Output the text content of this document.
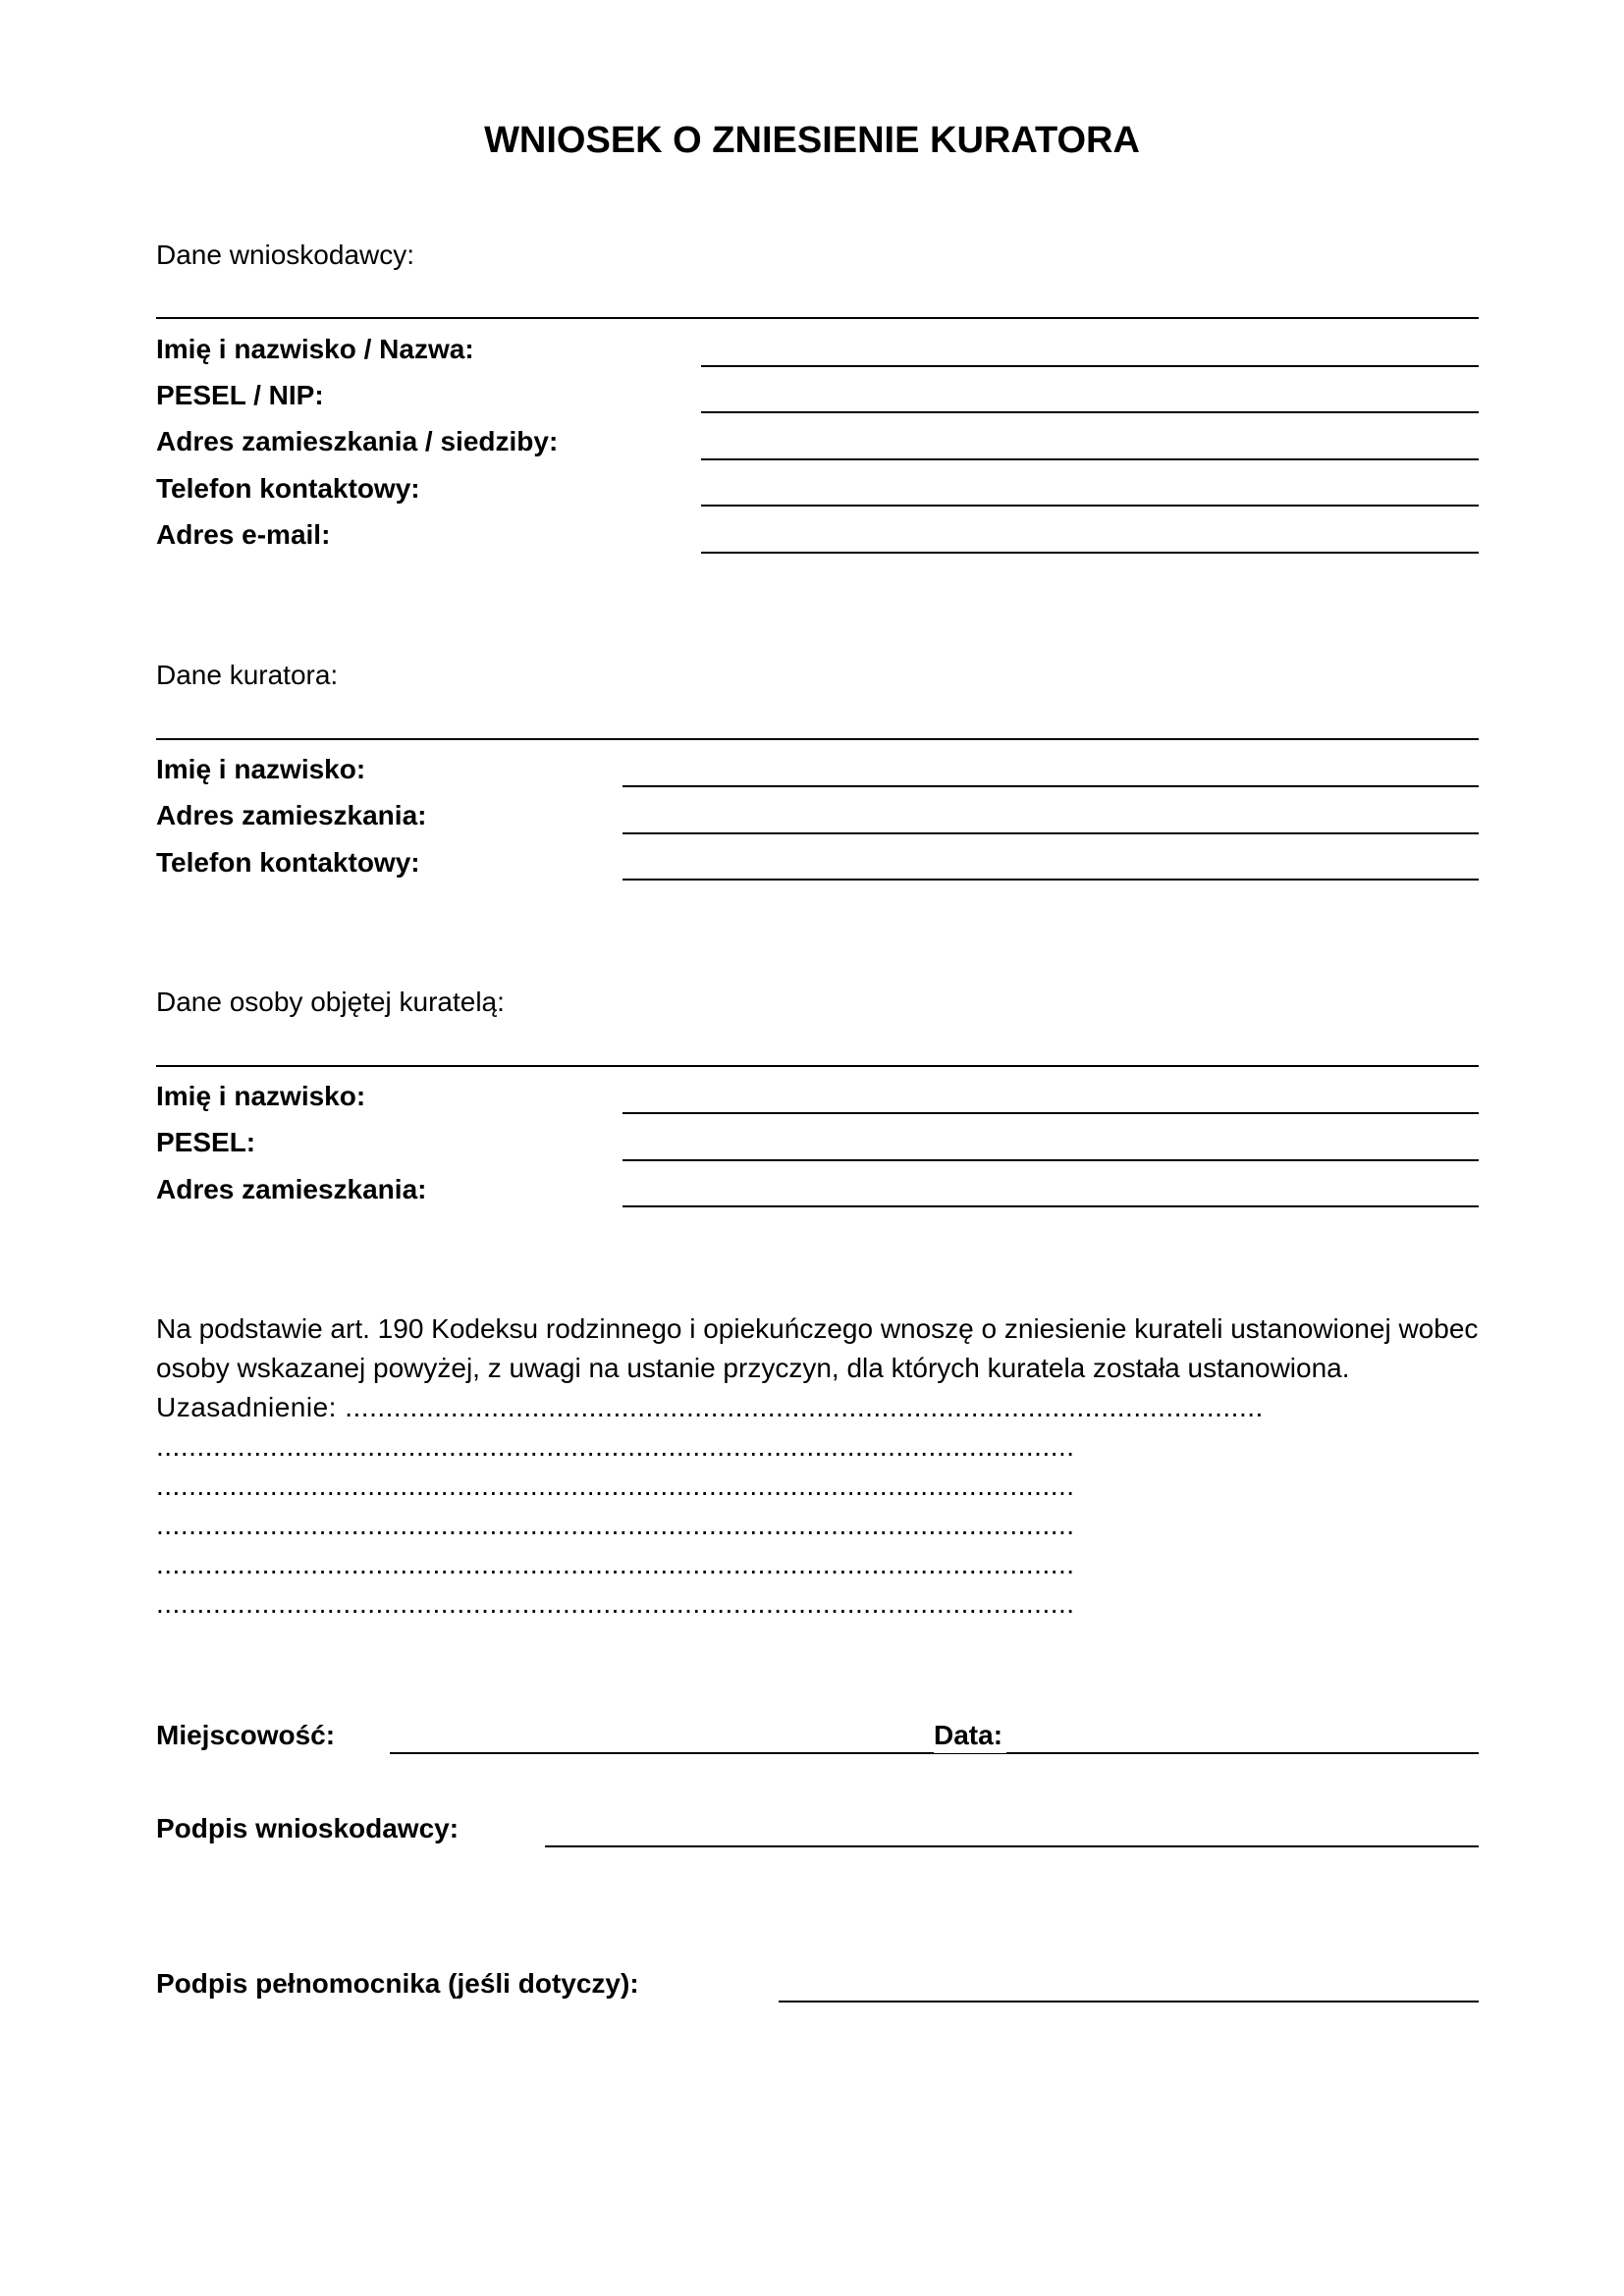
WNIOSEK O ZNIESIENIE KURATORA
Dane wnioskodawcy:
Imię i nazwisko / Nazwa:
PESEL / NIP:
Adres zamieszkania / siedziby:
Telefon kontaktowy:
Adres e-mail:
Dane kuratora:
Imię i nazwisko:
Adres zamieszkania:
Telefon kontaktowy:
Dane osoby objętej kuratelą:
Imię i nazwisko:
PESEL:
Adres zamieszkania:
Na podstawie art. 190 Kodeksu rodzinnego i opiekuńczego wnoszę o zniesienie kurateli ustanowionej wobec
osoby wskazanej powyżej, z uwagi na ustanie przyczyn, dla których kuratela została ustanowiona.
Uzasadnienie: .................................................................................................................
.................................................................................................................
.................................................................................................................
.................................................................................................................
.................................................................................................................
.................................................................................................................
Miejscowość:	Data:
Podpis wnioskodawcy:
Podpis pełnomocnika (jeśli dotyczy):
